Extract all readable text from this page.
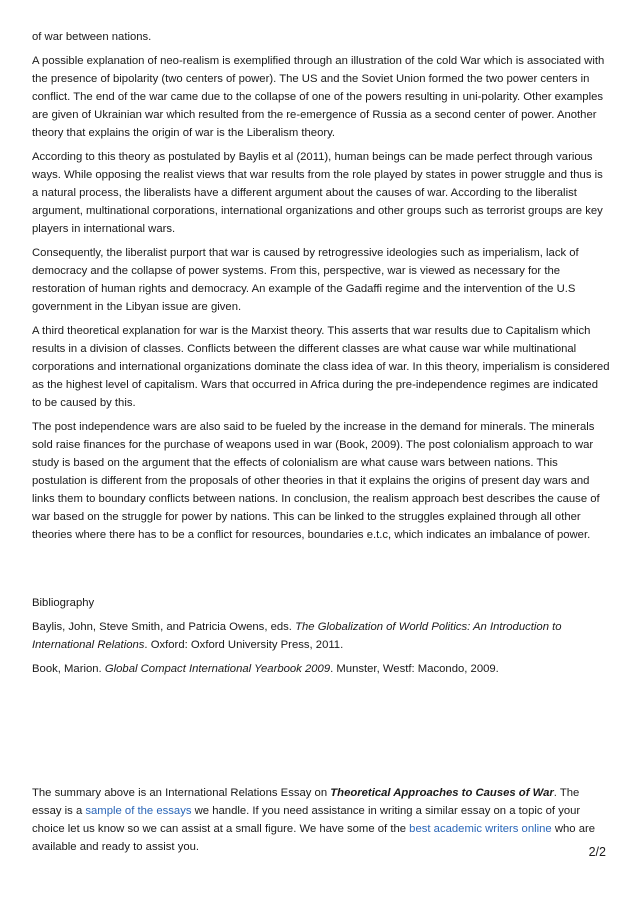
of war between nations.

A possible explanation of neo-realism is exemplified through an illustration of the cold War which is associated with the presence of bipolarity (two centers of power). The US and the Soviet Union formed the two power centers in conflict. The end of the war came due to the collapse of one of the powers resulting in uni-polarity. Other examples are given of Ukrainian war which resulted from the re-emergence of Russia as a second center of power. Another theory that explains the origin of war is the Liberalism theory.

According to this theory as postulated by Baylis et al (2011), human beings can be made perfect through various ways. While opposing the realist views that war results from the role played by states in power struggle and thus is a natural process, the liberalists have a different argument about the causes of war. According to the liberalist argument, multinational corporations, international organizations and other groups such as terrorist groups are key players in international wars.

Consequently, the liberalist purport that war is caused by retrogressive ideologies such as imperialism, lack of democracy and the collapse of power systems. From this, perspective, war is viewed as necessary for the restoration of human rights and democracy. An example of the Gadaffi regime and the intervention of the U.S government in the Libyan issue are given.

A third theoretical explanation for war is the Marxist theory. This asserts that war results due to Capitalism which results in a division of classes. Conflicts between the different classes are what cause war while multinational corporations and international organizations dominate the class idea of war. In this theory, imperialism is considered as the highest level of capitalism. Wars that occurred in Africa during the pre-independence regimes are indicated to be caused by this.

The post independence wars are also said to be fueled by the increase in the demand for minerals. The minerals sold raise finances for the purchase of weapons used in war (Book, 2009). The post colonialism approach to war study is based on the argument that the effects of colonialism are what cause wars between nations. This postulation is different from the proposals of other theories in that it explains the origins of present day wars and links them to boundary conflicts between nations. In conclusion, the realism approach best describes the cause of war based on the struggle for power by nations. This can be linked to the struggles explained through all other theories where there has to be a conflict for resources, boundaries e.t.c, which indicates an imbalance of power.

Bibliography

Baylis, John, Steve Smith, and Patricia Owens, eds. The Globalization of World Politics: An Introduction to International Relations. Oxford: Oxford University Press, 2011.

Book, Marion. Global Compact International Yearbook 2009. Munster, Westf: Macondo, 2009.

The summary above is an International Relations Essay on Theoretical Approaches to Causes of War. The essay is a sample of the essays we handle. If you need assistance in writing a similar essay on a topic of your choice let us know so we can assist at a small figure. We have some of the best academic writers online who are available and ready to assist you.	2/2
